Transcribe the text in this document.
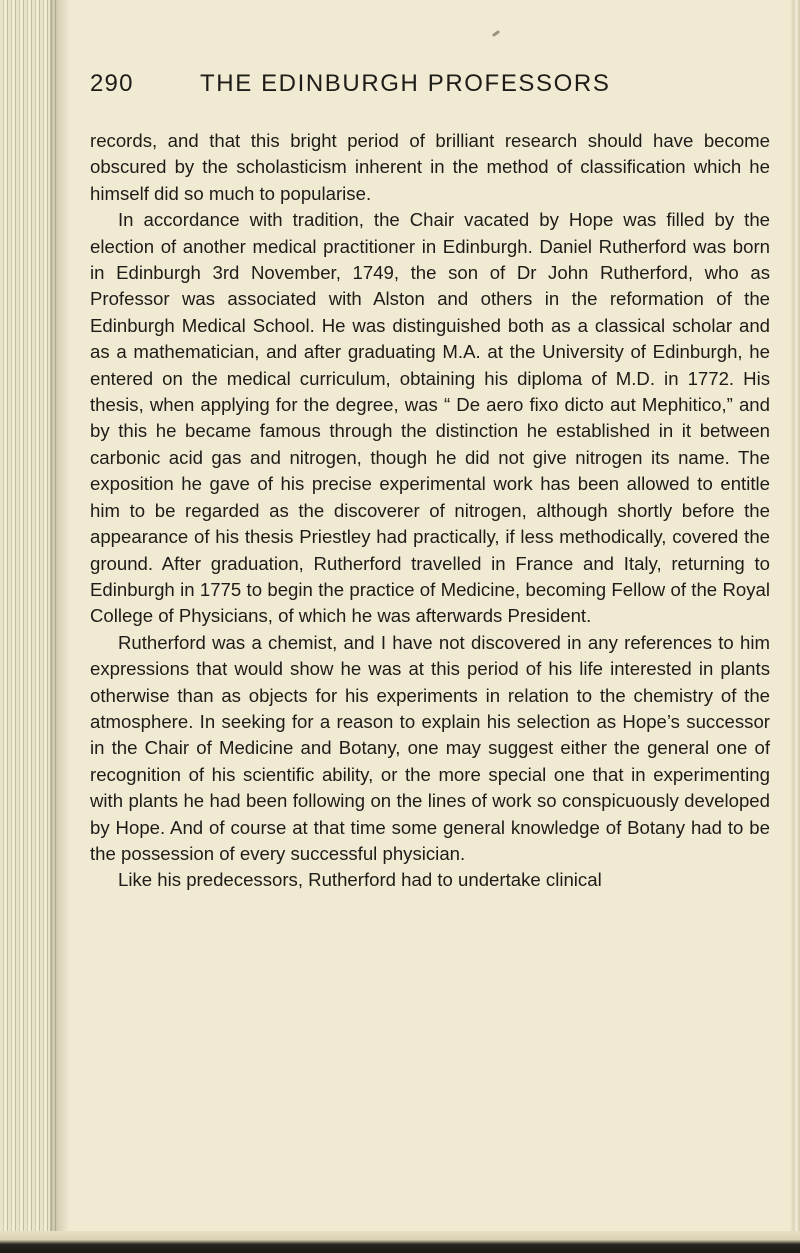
290	THE EDINBURGH PROFESSORS

records, and that this bright period of brilliant research should have become obscured by the scholasticism inherent in the method of classification which he himself did so much to popularise.

In accordance with tradition, the Chair vacated by Hope was filled by the election of another medical practitioner in Edinburgh. Daniel Rutherford was born in Edinburgh 3rd November, 1749, the son of Dr John Rutherford, who as Professor was associated with Alston and others in the reformation of the Edinburgh Medical School. He was distinguished both as a classical scholar and as a mathematician, and after graduating M.A. at the University of Edinburgh, he entered on the medical curriculum, obtaining his diploma of M.D. in 1772. His thesis, when applying for the degree, was “ De aero fixo dicto aut Mephitico,” and by this he became famous through the distinction he established in it between carbonic acid gas and nitrogen, though he did not give nitrogen its name. The exposition he gave of his precise experimental work has been allowed to entitle him to be regarded as the discoverer of nitrogen, although shortly before the appearance of his thesis Priestley had practically, if less methodically, covered the ground. After graduation, Rutherford travelled in France and Italy, returning to Edinburgh in 1775 to begin the practice of Medicine, becoming Fellow of the Royal College of Physicians, of which he was afterwards President.

Rutherford was a chemist, and I have not discovered in any references to him expressions that would show he was at this period of his life interested in plants otherwise than as objects for his experiments in relation to the chemistry of the atmosphere. In seeking for a reason to explain his selection as Hope’s successor in the Chair of Medicine and Botany, one may suggest either the general one of recognition of his scientific ability, or the more special one that in experimenting with plants he had been following on the lines of work so conspicuously developed by Hope. And of course at that time some general knowledge of Botany had to be the possession of every successful physician.

Like his predecessors, Rutherford had to undertake clinical
